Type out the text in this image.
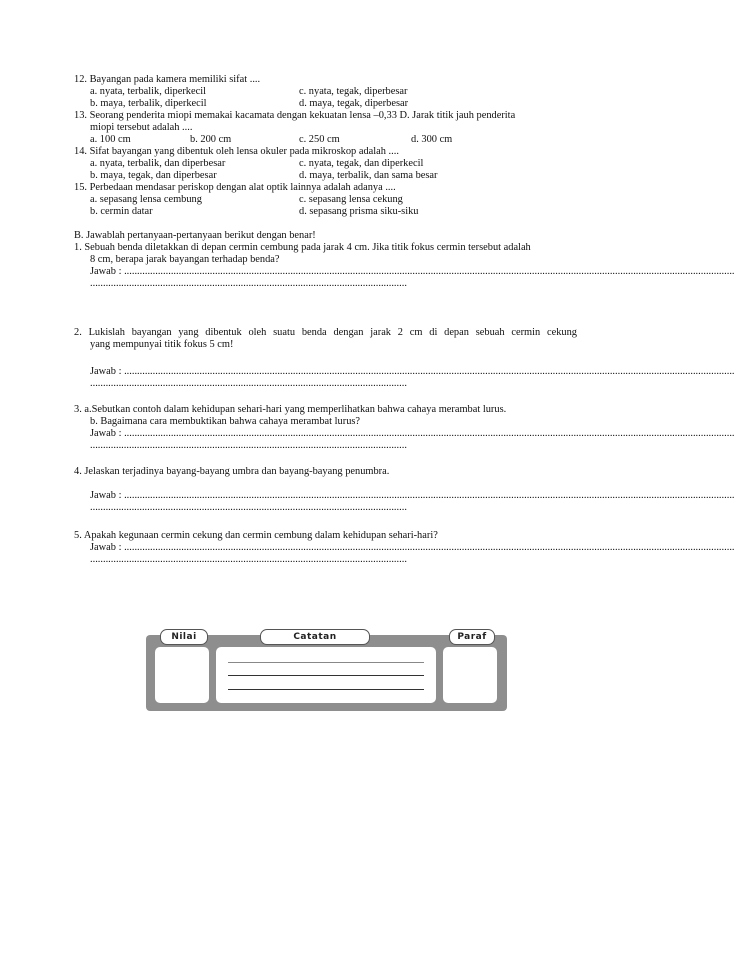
12. Bayangan pada kamera memiliki sifat ....
a. nyata, terbalik, diperkecil	c. nyata, tegak, diperbesar
b. maya, terbalik, diperkecil	d. maya, tegak, diperbesar
13. Seorang penderita miopi memakai kacamata dengan kekuatan lensa –0,33 D. Jarak titik jauh penderita
miopi tersebut adalah ....
a. 100 cm	b. 200 cm	c. 250 cm	d. 300 cm
14. Sifat bayangan yang dibentuk oleh lensa okuler pada mikroskop adalah ....
a. nyata, terbalik, dan diperbesar	c. nyata, tegak, dan diperkecil
b. maya, tegak, dan diperbesar	d. maya, terbalik, dan sama besar
15. Perbedaan mendasar periskop dengan alat optik lainnya adalah adanya ....
a. sepasang lensa cembung	c. sepasang lensa cekung
b. cermin datar	d. sepasang prisma siku-siku
B. Jawablah pertanyaan-pertanyaan berikut dengan benar!
1. Sebuah benda diletakkan di depan cermin cembung pada jarak 4 cm. Jika titik fokus cermin tersebut adalah
8 cm, berapa jarak bayangan terhadap benda?
Jawab : ...........................................................................................................................................................................................................................................
..........................................................................................................................
2. Lukislah bayangan yang dibentuk oleh suatu benda dengan jarak 2 cm di depan sebuah cermin cekung
yang mempunyai titik fokus 5 cm!
Jawab : ...........................................................................................................................................................................................................................................
..........................................................................................................................
3. a.Sebutkan contoh dalam kehidupan sehari-hari yang memperlihatkan bahwa cahaya merambat lurus.
b. Bagaimana cara membuktikan bahwa cahaya merambat lurus?
Jawab : ...........................................................................................................................................................................................................................................
..........................................................................................................................
4. Jelaskan terjadinya bayang-bayang umbra dan bayang-bayang penumbra.
Jawab : ...........................................................................................................................................................................................................................................
..........................................................................................................................
5. Apakah kegunaan cermin cekung dan cermin cembung dalam kehidupan sehari-hari?
Jawab : ...........................................................................................................................................................................................................................................
..........................................................................................................................
Nilai	Catatan	Paraf
